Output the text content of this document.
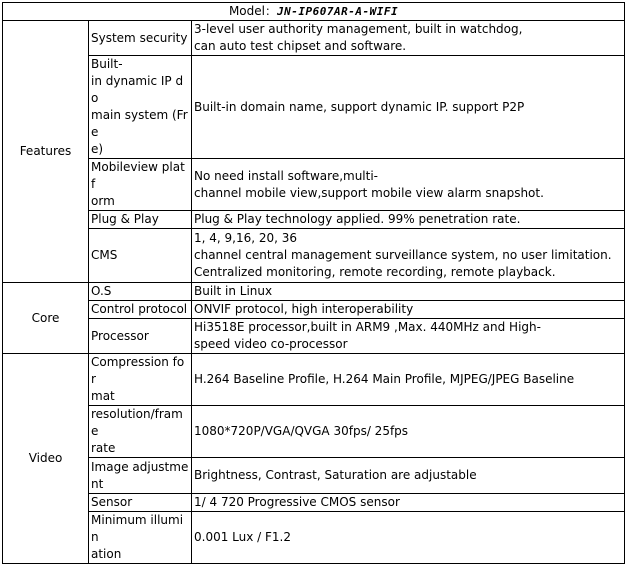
Model：JN-IP607AR-A-WIFI		
Features	System security	3-level user authority management, built in watchdog,
can auto test chipset and software.
	Built-
in dynamic IP do
main system (Fre
e)	Built-in domain name, support dynamic IP. support P2P
	Mobileview platf
orm	No need install software,multi-
channel mobile view,support mobile view alarm snapshot.
	Plug & Play	Plug & Play technology applied. 99% penetration rate.
	CMS	1, 4, 9,16, 20, 36
channel central management surveillance system, no user limitation.
Centralized monitoring, remote recording, remote playback.
Core	O.S	Built in Linux
	Control protocol	ONVIF protocol, high interoperability
	Processor	Hi3518E processor,built in ARM9 ,Max. 440MHz and High-
speed video co-processor
Video	Compression for
mat	H.264 Baseline Profile, H.264 Main Profile, MJPEG/JPEG Baseline
	resolution/frame
rate	1080*720P/VGA/QVGA 30fps/ 25fps
	Image adjustme
nt	Brightness, Contrast, Saturation are adjustable
	Sensor	1/ 4 720 Progressive CMOS sensor
	Minimum illumin
ation	0.001 Lux / F1.2
